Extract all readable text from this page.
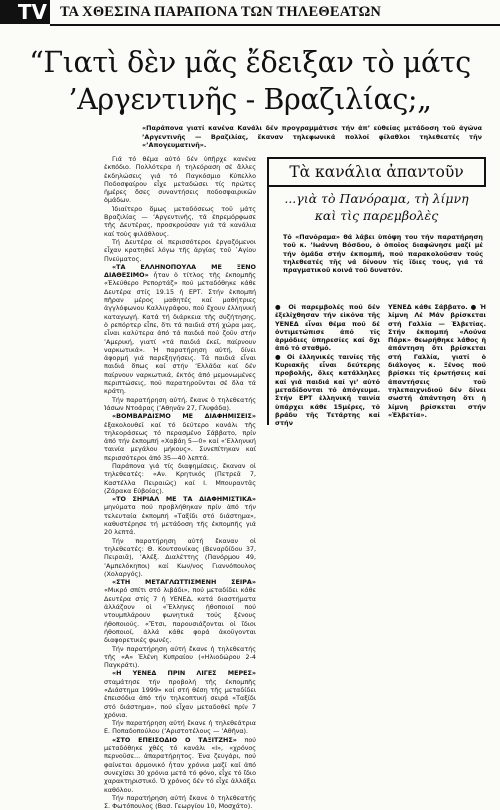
TV ΤΑ ΧΘΕΣΙΝΑ ΠΑΡΑΠΟΝΑ ΤΩΝ ΤΗΛΕΘΕΑΤΩΝ
“Γιατὶ δὲν μᾶς ἔδειξαν τὸ μάτς
’Αργεντινῆς - Βραζιλίας;„
«Παράπονα γιατί κανένα Κανάλι δέν προγραμμάτισε τήν ἀπ’ εὐθείας μετάδοση τοῦ ἀγώνα ’Αργεντινῆς — Βραζιλίας, ἔκαναν τηλεφωνικά πολλοί φίλαθλοι τηλεθεατές τῆν «’Απογευματινῆ».

Γιά τό θέμα αὐτό δέν ὑπῆρχε κανένα ἐκπόδιο. Πολλότερα ἡ τηλεόραση σέ ἄλλες ἐκδηλώσεις γιά τό Παγκόσμιο Κύπελλο Ποδοσφαίρου εἶχε μεταδώσει τίς πρώτες ἡμέρες ὅσες συναντήσεις ποδοσφαιρικῶν ὁμάδων.

Ἰδιαίτερο ὅμως μεταδόσεως τοῦ μάτς Βραζιλίας — ’Αργεντινῆς, τά ἐπρεμόρφωσε τῆς Δευτέρας, προσκρούσαν γιά τά κανάλια καί τοὺς φιλάθλους.

Τή Δευτέρα οἱ περισσότεροι ἐργαζόμενοι εἶχαν κρατηθεῖ λόγω τῆς ἀργίας τοῦ ῾Αγίου Πνεύματος.

«ΤΑ ΕΛΛΗΝΟΠΟΥΛΑ ΜΕ ΞΕΝΟ ΔΙΑΘΕΣΙΜΟ» ἦταν ὁ τίτλος τῆς ἐκπομπῆς «Ἐλεύθερο Ρεπορτάζ» πού μεταδόθηκε κάθε Δευτέρα στίς 19.15 ἡ ΕΡΤ. Στήν ἐκπομπή πῆραν μέρος μαθητές καί μαθήτριες ἀγγλόφωνου Καλλιγράφου, πού ἔχουν ἐλληνική καταγωγή. Κατά τή διάρκεια τῆς συζήτησης, ὁ ρεπόρτερ εἶπε, ὅτι τά παιδιά στή χώρα μας, εἶναι καλύτερα ἀπό τά παιδιά πού ζοῦν στήν ’Αμερική, γιατί «τά παιδιά ἐκεῖ, παίρνουν ναρκωτικά». Ἡ παρατήρηση αὐτή, δίνει ἀφορμή γιά παρεξηγήσεις. Τά παιδιά εἶναι παιδιά ὅπως καί στήν ’Ελλάδα καί δέν παίρνουν ναρκωτικά, ἐκτός ἀπό μεμονωμένες περιπτώσεις, πού παρατηροῦνται σέ ὅλα τά κράτη.

Τήν παρατήρηση αὐτή, ἔκανε ὁ τηλεθεατής Ἰάσων Ντοάρας (’Αθηνᾶν 27, Γλυφάδα).

«ΒΟΜΒΑΡΔΙΣΜΟ ΜΕ ΔΙΑΦΗΜΙΣΕΙΣ» ἐξακολουθεῖ καί τό δεύτερο κανάλι τῆς τηλεοράσεως τό περασμένο Σάββατο, πρίν ἀπό τήν ἐκπομπή «Χαβάη 5—0» καί «’Ελληνική ταινία μεγάλου μήκους». Συνεπίτηκαν καί περισσότεροι ἀπό 35—40 λεπτά.

Παράπονα γιά τίς διαφημίσεις, ἔκαναν οἱ τηλεθεατές: «Αν. Κρητικός (Πετρεᾶ 7, Καστέλλα Πειραιῶς) καί Ι. Μπουραντᾶς (Ζάρακα Εὐβοίας).

«ΤΟ ΣΗΡΙΑΛ ΜΕ ΤΑ ΔΙΑΦΗΜΙΣΤΙΚΑ» μηνύματα πού προβλήθηκαν πρίν ἀπό τήν τελευταία ἐκπομπή «Ταξίδι στό διάστημα», καθυστέρησε τή μετάδοση τῆς ἐκπομπῆς γιά 20 λεπτά.

Τήν παρατήρηση αὐτή ἔκαναν οἱ τηλεθεατές: Θ. Κουτσονίκας (Βεναρδίδου 37, Πειραιᾶ), ’Αλέξ. Διαλέττης (Πανόρμου 49, ’Αμπελόκηποι) καί Κων/νος Γιαννόπουλος (Χολαργός).

«ΣΤΗ ΜΕΤΑΓΛΩΤΤΙΣΜΕΝΗ ΣΕΙΡΑ» «Μικρό σπίτι στό λιβάδι», πού μεταδίδει κάθε Δευτέρα στίς 7 ἡ ΥΕΝΕΔ, κατά διαστήματα ἀλλάζουν οἱ «Ἕλληνες ἠθοποιοί πού ντουμπλάρουν φωνητικά τούς ξένους ἠθοποιούς. «Ἔτσι, παρουσιάζονται οἱ ἴδιοι ἠθοποιοί, ἀλλά κάθε φορά ἀκοῦγονται διαφορετικές φωνές.

Τήν παρατήρηση αὐτή ἔκανε ἡ τηλεθεατής τῆς «Α» Ἑλένη Κυπραίου («Ηλιοδώρου 2-4 Παγκράτι).

«Η ΥΕΝΕΔ ΠΡΙΝ ΛΙΓΕΣ ΜΕΡΕΣ» σταμάτησε τήν προβολή τῆς ἐκπομπῆς «Διάστημα 1999» καί στή θέση τῆς μεταδίδει ἐπεισόδια ἀπό τήν τηλεοπτική σειρά «Ταξίδι στό διάστημα», πού εἶχαν μεταδοθεῖ πρίν 7 χρόνια.

Τήν παρατήρηση αὐτή ἔκανε ἡ τηλεθεάτρια Ε. Ποπαδοπούλου (’Αριστοτέλους — ’Αθῆνα).

«ΣΤΟ ΕΠΕΙΣΟΔΙΟ Ο ΤΑΞΙΤΖΗΣ» πού μεταδόθηκε χθές τό κανάλι «Ι», «χρόνος περνοῦσε... ἀπαρατήρητος. Ένα ζευγάρι, πού φαίνεται ἀρμονικό ἦταν χρόνια μαζί καί ἀπό συνεχίσει 30 χρόνια μετά τό φόνο, εἶχε τό ἴδιο χαρακτηριστικό. Ὁ χρόνος δέν τό εἶχε ἀλλάξει καθόλου.

Τήν παρατήρηση αὐτή ἔκανε ὁ τηλεθεατής Σ. Φωτόπουλος (Βασ. Γεωργίου 10, Μοσχάτο).

Τὰ κανάλια ἀπαντοῦν
...γιὰ τὸ Πανόραμα, τὴ λίμνη
καὶ τὶς παρεμβολὲς
Τό «Πανόραμα» θά λάβει ὑπόψη του τήν παρατήρηση τοῦ κ. ’Ιωάννη Βόσδου, ὁ ὁποῖος διαφώνησε μαζί μέ τήν ὁμάδα στήν ἐκπομπή, πού παρακολοῦσαν τούς τηλεθεατές τῆς νά δίνουν τίς ἴδιες τους, γιά τά πραγματικοῦ κοινά τοῦ δυνατόν.

● Οἱ παρεμβολές πού δέν ἐξελίχθησαν τήν εἰκόνα τῆς ΥΕΝΕΔ εἶναι θέμα πού δέ ὀντιμετώπισε ἀπό τίς ἁρμόδιες ὑπηρεσίες καί ὄχι ἀπό τό σταθμό.

● Οἱ ἑλληνικές ταινίες τῆς Κυριακῆς εἶναι δεύτερης προβολῆς, ὅλες κατάλληλες καί γιά παιδιά καί γι’ αὐτό μεταδίδονται τό ἀπόγευμα. Στήν ΕΡΤ ἑλληνική ταινία ὑπάρχει κάθε 15μέρες, τό βράδυ τῆς Τετάρτης καί στήν

ΥΕΝΕΔ κάθε Σάββατο. ● Ἡ λίμνη Λέ Μάν βρίσκεται στή Γαλλία — Ἑλβετίας. Στήν ἐκπομπή «Λούνα Πάρκ» θεωρήθηκε λάθος ἡ ἀπάντηση ὅτι βρίσκεται στή Γαλλία, γιατί ὁ διάλογος κ. Ξένος πού βρίσκει τίς ἐρωτήσεις καί ἀπαντήσεις τοῦ τηλεπαιχνιδιοῦ δέν δίνει σωστή ἀπάντηση ὅτι ἡ λίμνη βρίσκεται στήν «Ἑλβετία».
